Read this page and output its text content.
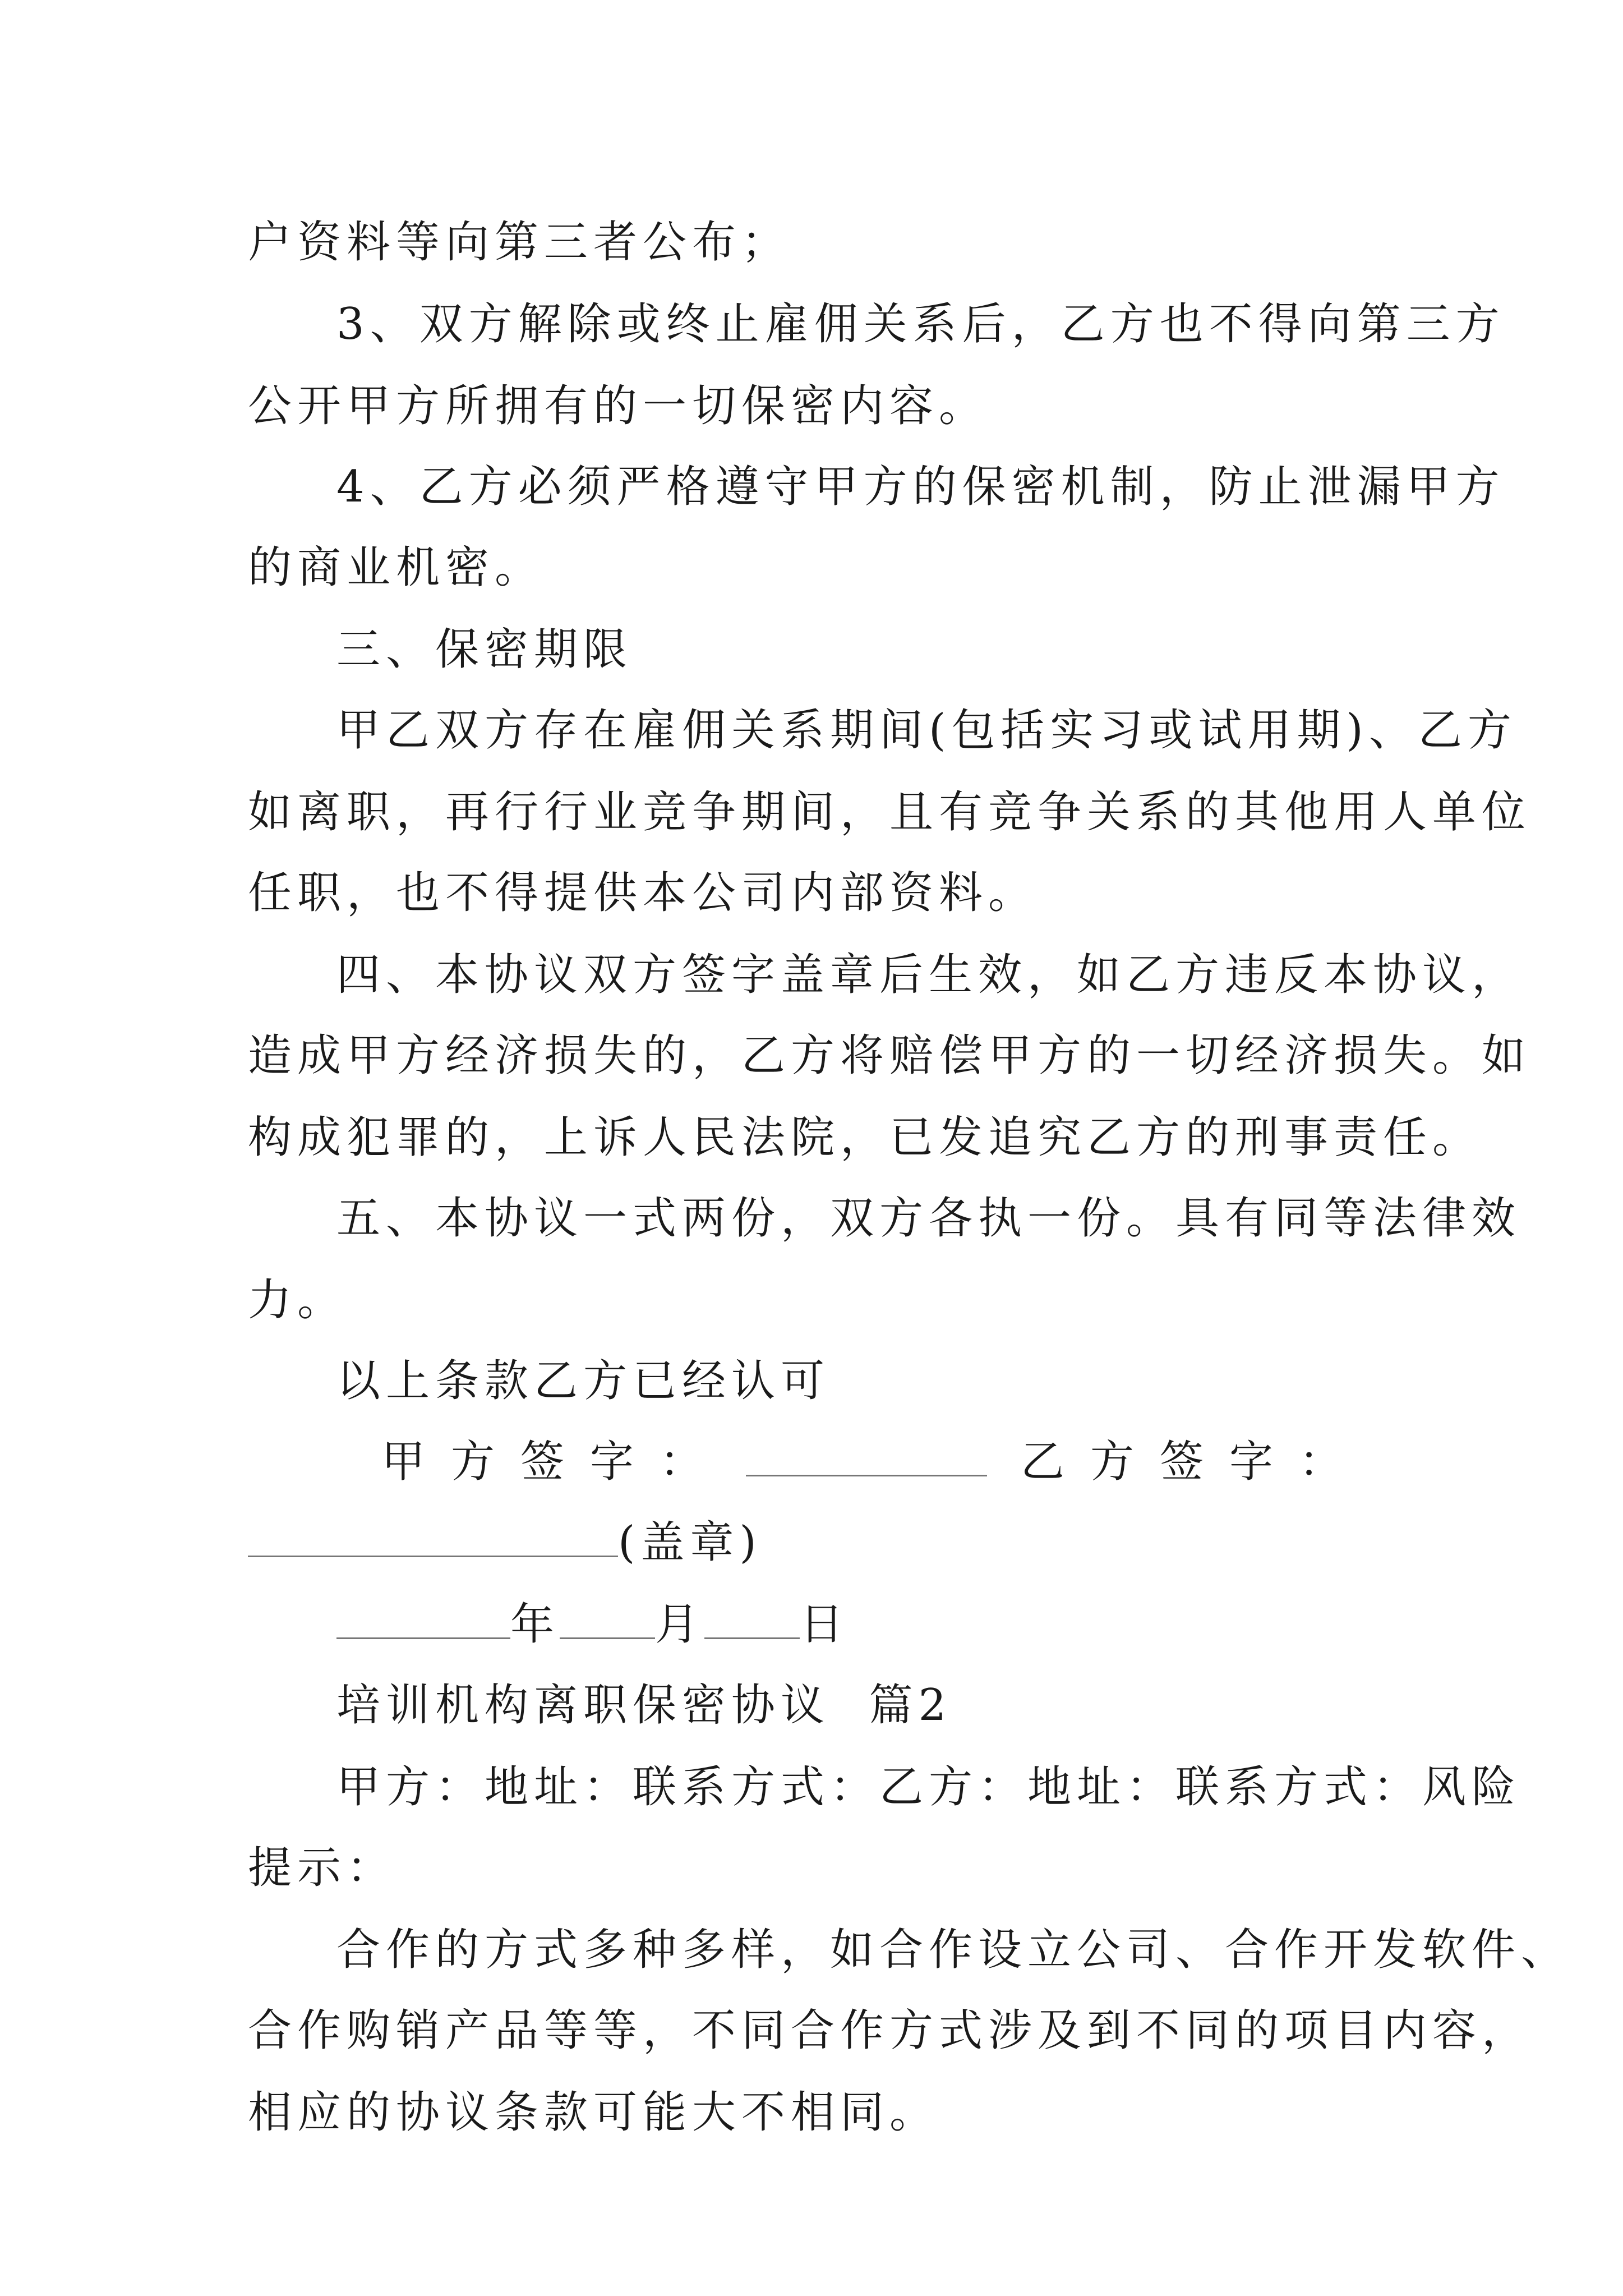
户资料等向第三者公布；
3、双方解除或终止雇佣关系后，乙方也不得向第三方
公开甲方所拥有的一切保密内容。
4、乙方必须严格遵守甲方的保密机制，防止泄漏甲方
的商业机密。
三、保密期限
甲乙双方存在雇佣关系期间(包括实习或试用期)、乙方
如离职，再行行业竞争期间，且有竞争关系的其他用人单位
任职，也不得提供本公司内部资料。
四、本协议双方签字盖章后生效，如乙方违反本协议，
造成甲方经济损失的，乙方将赔偿甲方的一切经济损失。如
构成犯罪的，上诉人民法院，已发追究乙方的刑事责任。
五、本协议一式两份，双方各执一份。具有同等法律效
力。
以上条款乙方已经认可
甲方签字：	乙方签字：
(盖章)
年 月 日
培训机构离职保密协议  篇2
甲方：地址：联系方式：乙方：地址：联系方式：风险
提示：
合作的方式多种多样，如合作设立公司、合作开发软件、
合作购销产品等等，不同合作方式涉及到不同的项目内容，
相应的协议条款可能大不相同。
